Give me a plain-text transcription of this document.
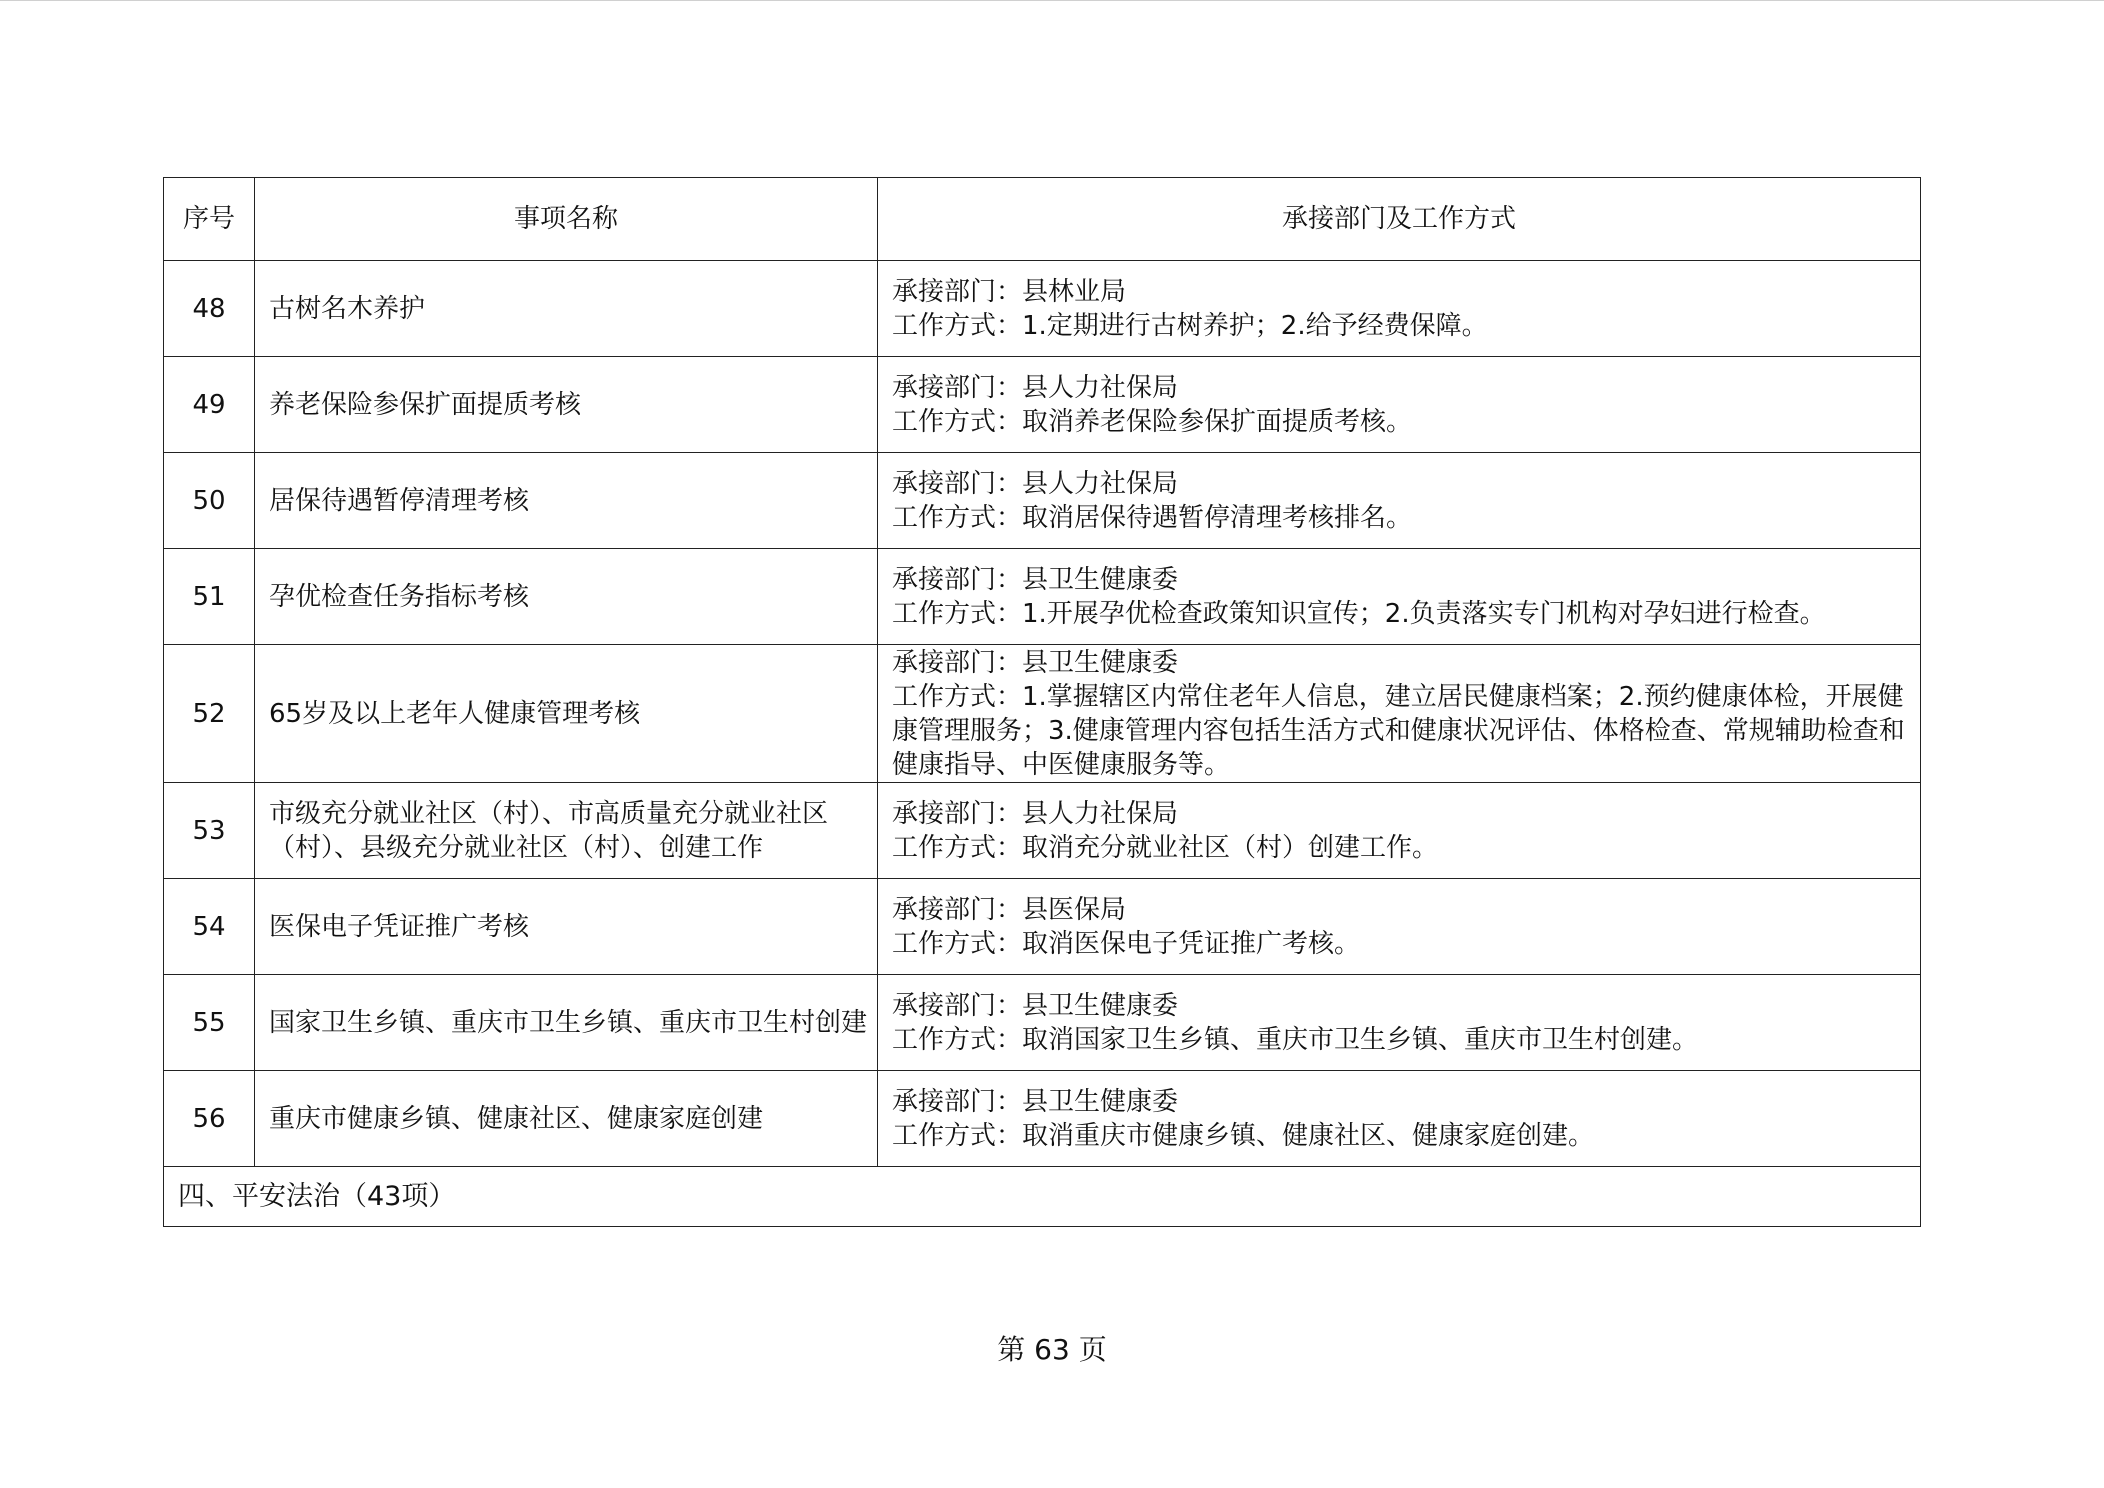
序号	事项名称	承接部门及工作方式
48	古树名木养护	承接部门：县林业局
工作方式：1.定期进行古树养护；2.给予经费保障。

49	养老保险参保扩面提质考核	承接部门：县人力社保局
工作方式：取消养老保险参保扩面提质考核。

50	居保待遇暂停清理考核	承接部门：县人力社保局
工作方式：取消居保待遇暂停清理考核排名。

51	孕优检查任务指标考核	承接部门：县卫生健康委
工作方式：1.开展孕优检查政策知识宣传；2.负责落实专门机构对孕妇进行检查。

52	65岁及以上老年人健康管理考核	承接部门：县卫生健康委
工作方式：1.掌握辖区内常住老年人信息，建立居民健康档案；2.预约健康体检，开展健康管理服务；3.健康管理内容包括生活方式和健康状况评估、体格检查、常规辅助检查和健康指导、中医健康服务等。

53	市级充分就业社区（村）、市高质量充分就业社区（村）、县级充分就业社区（村）、创建工作	承接部门：县人力社保局
工作方式：取消充分就业社区（村）创建工作。

54	医保电子凭证推广考核	承接部门：县医保局
工作方式：取消医保电子凭证推广考核。

55	国家卫生乡镇、重庆市卫生乡镇、重庆市卫生村创建	承接部门：县卫生健康委
工作方式：取消国家卫生乡镇、重庆市卫生乡镇、重庆市卫生村创建。

56	重庆市健康乡镇、健康社区、健康家庭创建	承接部门：县卫生健康委
工作方式：取消重庆市健康乡镇、健康社区、健康家庭创建。

四、平安法治（43项）		
第 63 页
